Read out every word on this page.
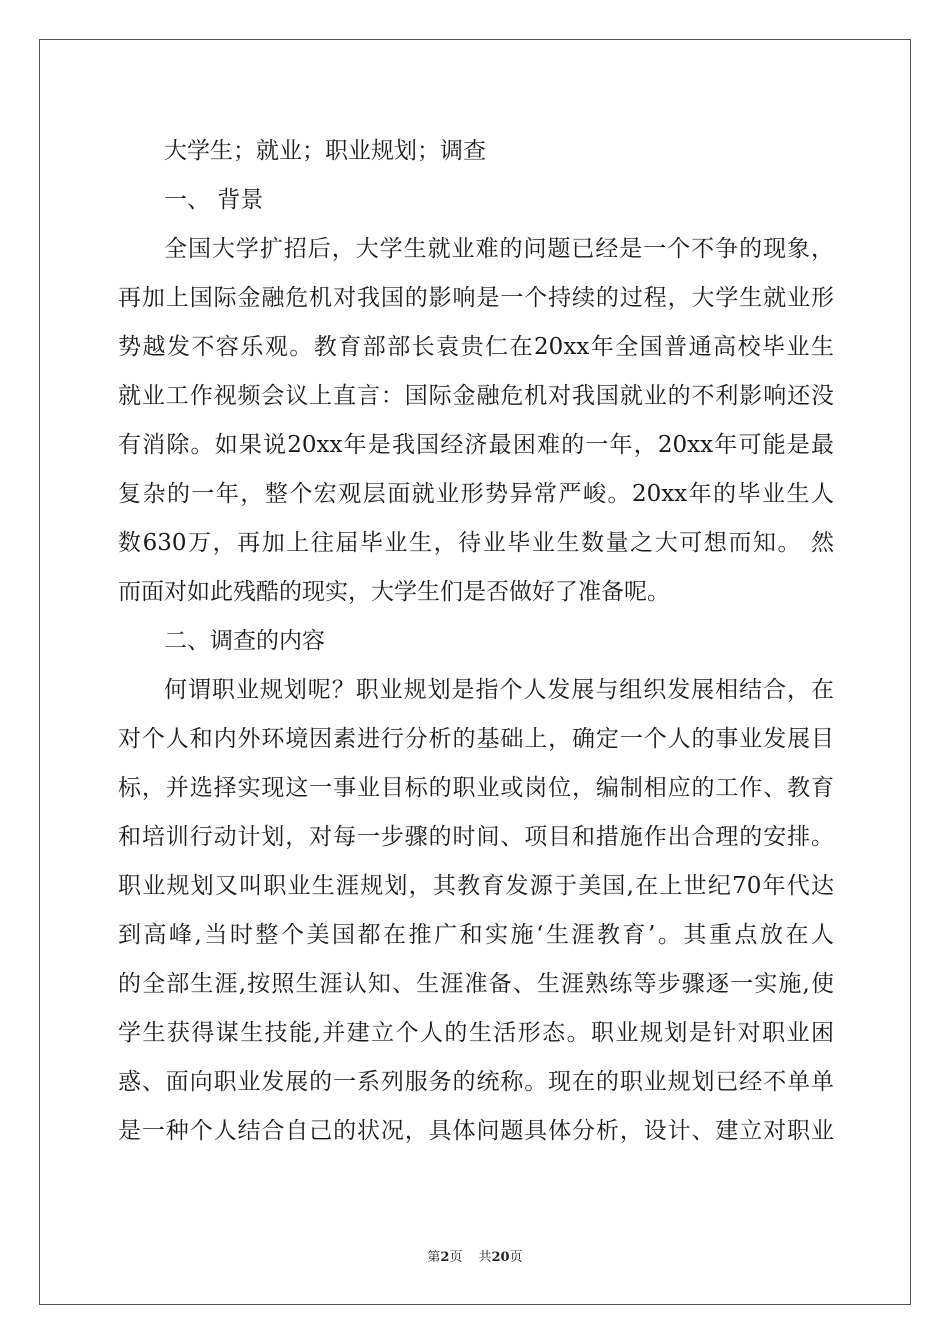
大学生；就业；职业规划；调查
一、 背景
全国大学扩招后，大学生就业难的问题已经是一个不争的现象，
再加上国际金融危机对我国的影响是一个持续的过程，大学生就业形
势越发不容乐观。教育部部长袁贵仁在20xx年全国普通高校毕业生
就业工作视频会议上直言：国际金融危机对我国就业的不利影响还没
有消除。如果说20xx年是我国经济最困难的一年，20xx年可能是最
复杂的一年，整个宏观层面就业形势异常严峻。20xx年的毕业生人
数630万，再加上往届毕业生，待业毕业生数量之大可想而知。 然
而面对如此残酷的现实，大学生们是否做好了准备呢。
二、调查的内容
何谓职业规划呢？职业规划是指个人发展与组织发展相结合，在
对个人和内外环境因素进行分析的基础上，确定一个人的事业发展目
标，并选择实现这一事业目标的职业或岗位，编制相应的工作、教育
和培训行动计划，对每一步骤的时间、项目和措施作出合理的安排。
职业规划又叫职业生涯规划，其教育发源于美国,在上世纪70年代达
到高峰,当时整个美国都在推广和实施‘生涯教育’。其重点放在人
的全部生涯,按照生涯认知、生涯准备、生涯熟练等步骤逐一实施,使
学生获得谋生技能,并建立个人的生活形态。职业规划是针对职业困
惑、面向职业发展的一系列服务的统称。现在的职业规划已经不单单
是一种个人结合自己的状况，具体问题具体分析，设计、建立对职业
第2页 共20页
